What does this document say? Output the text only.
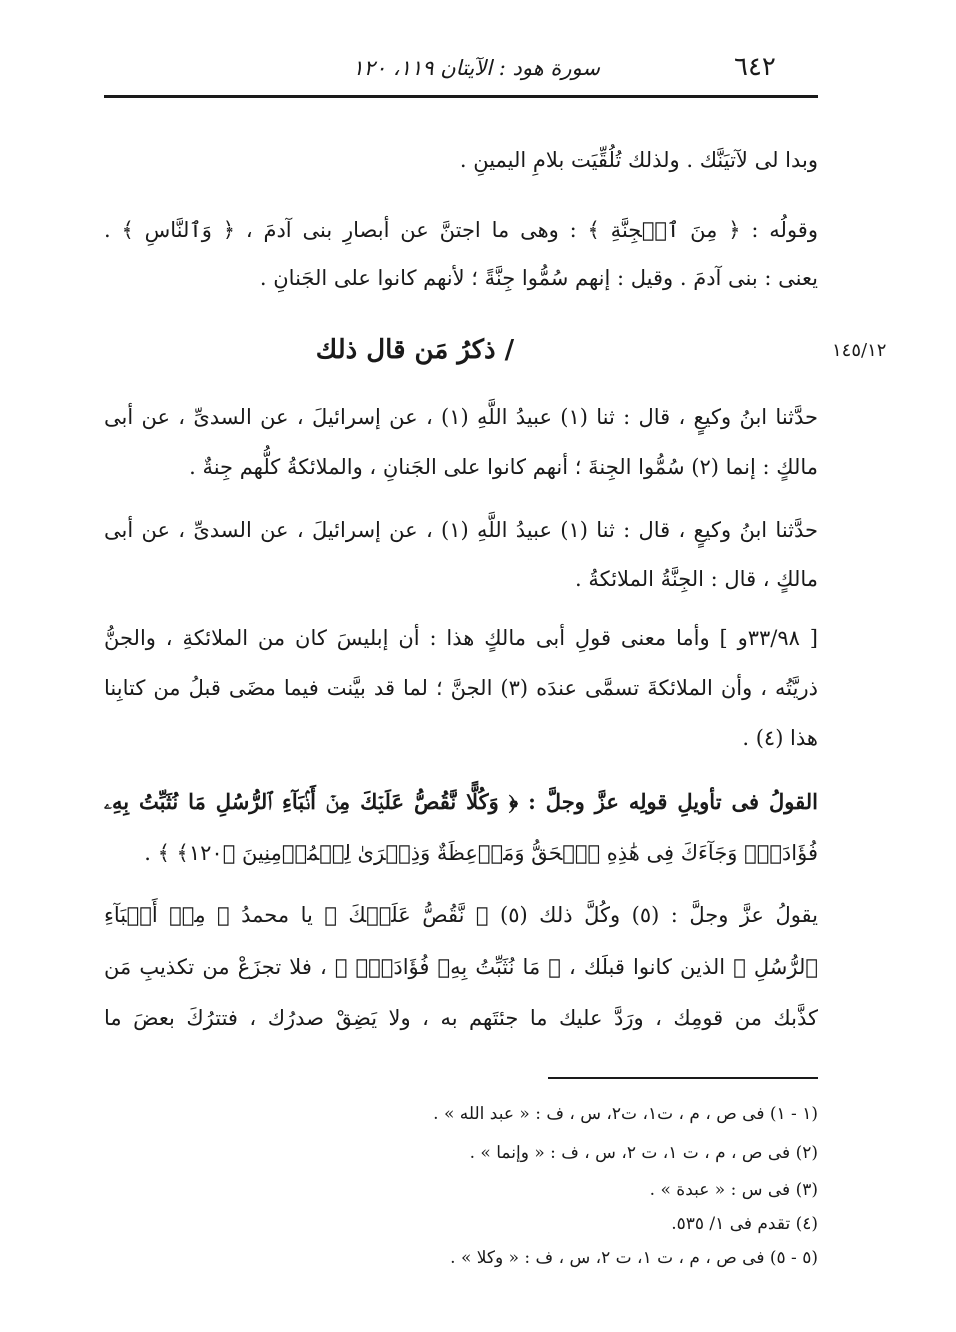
٦٤٢
سورة هود : الآيتان ١١٩، ١٢٠
وبدا لى لآتيَنَّك . ولذلك تُلُقِّيَت بلامِ اليمينِ .
وقولُه : ﴿ مِنَ ٱلۡجِنَّةِ ﴾ : وهى ما اجتنَّ عن أبصارِ بنى آدمَ ، ﴿ وَٱلنَّاسِ ﴾ .
يعنى : بنى آدمَ . وقيل : إنهم سُمُّوا جِنَّةً ؛ لأنهم كانوا على الجَنانِ .
/ ذكرُ مَن قال ذلك	١٤٥/١٢
حدَّثنا ابنُ وكيعٍ ، قال : ثنا (١) عبيدُ اللَّهِ (١) ، عن إسرائيلَ ، عن السدىِّ ، عن أبى
مالكٍ : إنما (٢) سُمُّوا الجِنةَ ؛ أنهم كانوا على الجَنانِ ، والملائكةُ كلُّهم جِنةٌ .
حدَّثنا ابنُ وكيعٍ ، قال : ثنا (١) عبيدُ اللَّهِ (١) ، عن إسرائيلَ ، عن السدىِّ ، عن أبى
مالكٍ ، قال : الجِنَّةُ الملائكةُ .
[ ٣٣/٩٨و ] وأما معنى قولِ أبى مالكٍ هذا : أن إبليسَ كان من الملائكةِ ، والجنُّ
ذريَّتُه ، وأن الملائكةَ تسمَّى عندَه (٣) الجنَّ ؛ لما قد بيَّنت فيما مضَى قبلُ من كتابِنا
هذا (٤) .
القولُ فى تأويلِ قولِه عزَّ وجلَّ : ﴿ وَكُلًّا نَّقُصُّ عَلَيۡكَ مِنۡ أَنۢبَآءِ ٱلرُّسُلِ مَا نُثَبِّتُ بِهِۦ
فُؤَادَكَۚ وَجَآءَكَ فِى هَٰذِهِ ٱلۡحَقُّ وَمَوۡعِظَةٌ وَذِكۡرَىٰ لِلۡمُؤۡمِنِينَ ﴿١٢٠﴾ ﴾ .
يقولُ عزَّ وجلَّ : (٥) وكُلَّ ذلك (٥) ﴿ نَّقُصُّ عَلَيۡكَ ﴾ يا محمدُ ﴿ مِنۡ أَنۢبَآءِ
ٱلرُّسُلِ ﴾ الذين كانوا قبلَك ، ﴿ مَا نُثَبِّتُ بِهِۦ فُؤَادَكَۚ ﴾ ، فلا تجزَعْ من تكذيبِ مَن
كذَّبك من قومِك ، ورَدَّ عليك ما جئتَهم به ، ولا يَضِقْ صدرُك ، فتترُكَ بعضَ ما
(١ - ١) فى ص ، م ، ت١، ت٢، س ، ف : « عبد الله » .
(٢) فى ص ، م ، ت ١، ت ٢، س ، ف : « وإنما » .
(٣) فى س : « عبدة » .
(٤) تقدم فى ١/ ٥٣٥.
(٥ - ٥) فى ص ، م ، ت ١، ت ٢، س ، ف : « وكلا » .
